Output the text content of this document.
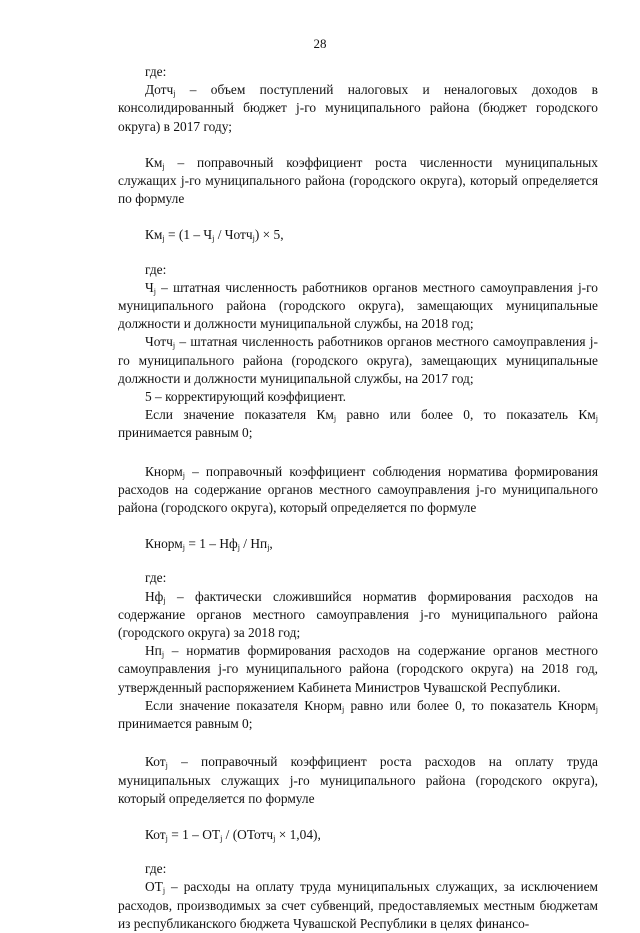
28

где:

Дотч$_j$ – объем поступлений налоговых и неналоговых доходов в консолидированный бюджет j-го муниципального района (бюджет городского округа) в 2017 году;

$Км_j$ – поправочный коэффициент роста численности муниципальных служащих j-го муниципального района (городского округа), который определяется по формуле

$Км_j = (1 - Ч_j$ / Чотч$_j$) × 5,

где:

$Ч_j$ – штатная численность работников органов местного самоуправления j-го муниципального района (городского округа), замещающих муниципальные должности и должности муниципальной службы, на 2018 год;

Чотч$_j$ – штатная численность работников органов местного самоуправления j-го муниципального района (городского округа), замещающих муниципальные должности и должности муниципальной службы, на 2017 год;

5 – корректирующий коэффициент.

Если значение показателя $Км_j$ равно или более 0, то показатель $Км_j$ принимается равным 0;

Кнорм$_j$ – поправочный коэффициент соблюдения норматива формирования расходов на содержание органов местного самоуправления j-го муниципального района (городского округа), который определяется по формуле

Кнорм$_j$ = $1 - Нф_j / Нп_j$,

где:

$Нф_j$ – фактически сложившийся норматив формирования расходов на содержание органов местного самоуправления j-го муниципального района (городского округа) за 2018 год;

$Нп_j$ – норматив формирования расходов на содержание органов местного самоуправления j-го муниципального района (городского округа) на 2018 год, утвержденный распоряжением Кабинета Министров Чувашской Республики.

Если значение показателя Кнорм$_j$ равно или более 0, то показатель Кнорм$_j$ принимается равным 0;

Кот$_j$ – поправочный коэффициент роста расходов на оплату труда муниципальных служащих j-го муниципального района (городского округа), который определяется по формуле

$Кот_j = 1 - ОТ_j$ / (ОТотч$_j$ × 1,04),

где:

$ОТ_j$ – расходы на оплату труда муниципальных служащих, за исключением расходов, производимых за счет субвенций, предоставляемых местным бюджетам из республиканского бюджета Чувашской Республики в целях финансо-
